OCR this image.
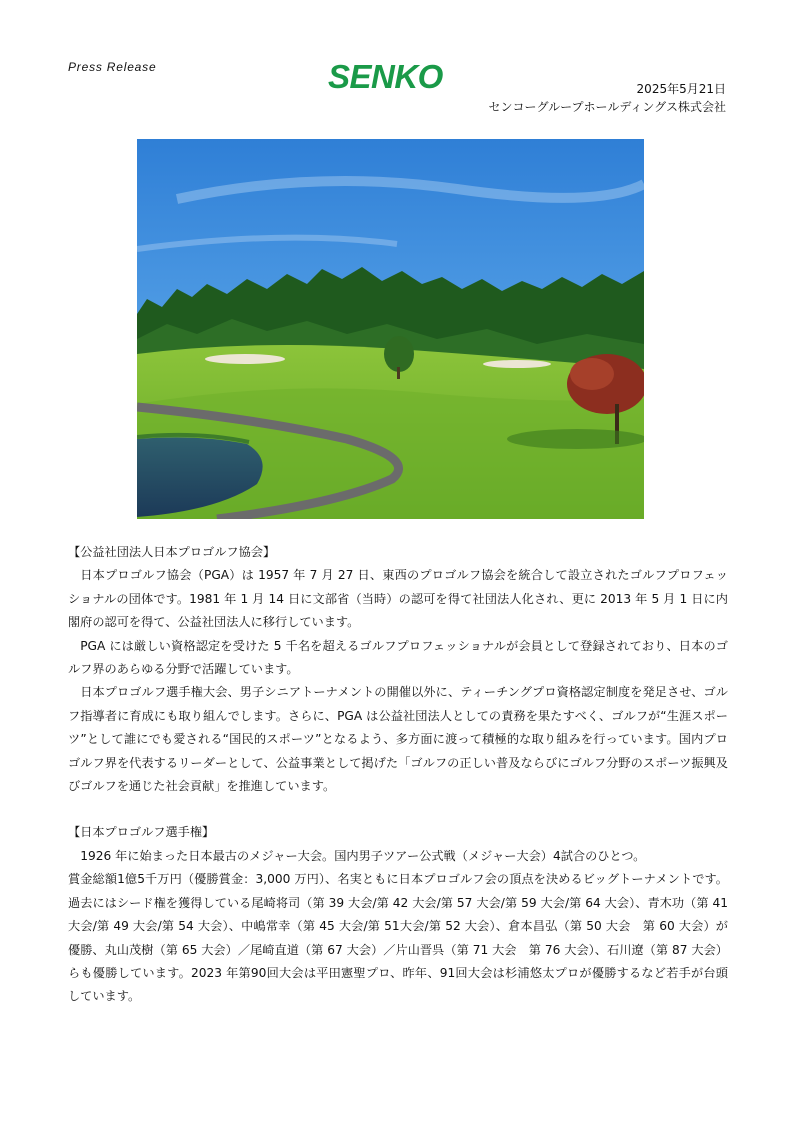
Press Release	SENKO	2025年5月21日
センコーグループホールディングス株式会社

【公益社団法人日本プロゴルフ協会】

日本プロゴルフ協会（PGA）は 1957 年 7 月 27 日、東西のプロゴルフ協会を統合して設立されたゴルフプロフェッショナルの団体です。1981 年 1 月 14 日に文部省（当時）の認可を得て社団法人化され、更に 2013 年 5 月 1 日に内閣府の認可を得て、公益社団法人に移行しています。

PGA には厳しい資格認定を受けた 5 千名を超えるゴルフプロフェッショナルが会員として登録されており、日本のゴルフ界のあらゆる分野で活躍しています。

日本プロゴルフ選手権大会、男子シニアトーナメントの開催以外に、ティーチングプロ資格認定制度を発足させ、ゴルフ指導者に育成にも取り組んでします。さらに、PGA は公益社団法人としての責務を果たすべく、ゴルフが“生涯スポーツ”として誰にでも愛される“国民的スポーツ”となるよう、多方面に渡って積極的な取り組みを行っています。国内プロゴルフ界を代表するリーダーとして、公益事業として掲げた「ゴルフの正しい普及ならびにゴルフ分野のスポーツ振興及びゴルフを通じた社会貢献」を推進しています。

【日本プロゴルフ選手権】

1926 年に始まった日本最古のメジャー大会。国内男子ツアー公式戦（メジャー大会）4試合のひとつ。

賞金総額1億5千万円（優勝賞金：3,000 万円）、名実ともに日本プロゴルフ会の頂点を決めるビッグトーナメントです。過去にはシード権を獲得している尾崎将司（第 39 大会/第 42 大会/第 57 大会/第 59 大会/第 64 大会）、青木功（第 41 大会/第 49 大会/第 54 大会）、中嶋常幸（第 45 大会/第 51大会/第 52 大会）、倉本昌弘（第 50 大会　第 60 大会）が優勝、丸山茂樹（第 65 大会）／尾崎直道（第 67 大会）／片山晋呉（第 71 大会　第 76 大会）、石川遼（第 87 大会）らも優勝しています。2023 年第90回大会は平田憲聖プロ、昨年、91回大会は杉浦悠太プロが優勝するなど若手が台頭しています。
